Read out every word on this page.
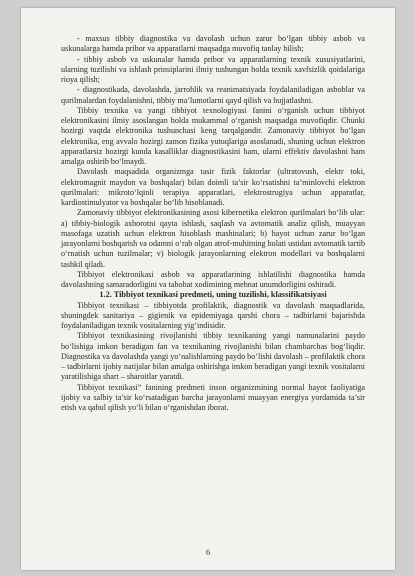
- maxsus tibbiy diagnostika va davolash uchun zarur bo‘lgan tibbiy asbob va uskunalarga hamda pribor va apparatlarni maqsadga muvofiq tanlay bilish;

- tibbiy asbob va uskunalar hamda pribor va apparatlarning texnik xususiyatlarini, ularning tuzilishi va ishlash prinsiplarini ilmiy tushungan holda texnik xavfsizlik qoidalariga rioya qilish;

- diagnostikada, davolashda, jarrohlik va reanimatsiyada foydalaniladigan asboblar va qurilmalardan foydalanishni, tibbiy ma’lumotlarni qayd qilish va hujjatlashni.

Tibbiy texnika va yangi tibbiyot texnologiyasi fanini o‘rganish uchun tibbiyot elektronikasini ilmiy asoslangan holda mukammal o‘rganish maqsadga muvofiqdir. Chunki hozirgi vaqtda elektronika tushunchasi keng tarqalgandir. Zamonaviy tibbiyot bo‘lgan elektronika, eng avvalo hozirgi zamon fizika yutuqlariga asoslanadi, shuning uchun elektron apparatlarsiz hozirgi kunda kasalliklar diagnostikasini ham, ularni effektiv davolashni ham amalga oshirib bo‘lmaydi.

Davolash maqsadida organizmga tasir fizik faktorlar (ultratovush, elektr toki, elektromagnit maydon va boshqalar) bilan doimli ta’sir ko‘rsatishni ta’minlovchi elektron qurilmalari: mikroto‘lqinli terapiya apparatlari, elektrostrugiya uchun apparatlar, kardiostimulyator va boshqalar bo‘lib hisoblanadi.

Zamonaviy tibbiyot elektronikasining asosi kibernetika elektron qurilmalari bo‘lib ular: a) tibbiy-biologik axborotni qayta ishlash, saqlash va avtomatik analiz qilish, muayyan masofaga uzatish uchun elektron hisoblash mashinalari; b) hayot uchun zarur bo‘lgan jarayonlarni boshqarish va odamni o‘rab olgan atrof-muhitning holati ustidan avtomatik tartib o‘rnatish uchun tuzilmalar; v) biologik jarayonlarning elektron modellari va boshqalarni tashkil qiladi.

Tibbiyot elektronikasi asbob va apparatlarining ishlatilishi diagnostika hamda davolashning samaradorligini va tabobat xodimining mehnat unumdorligini oshiradi.

1.2. Tibbiyot texnikasi predmeti, uning tuzilishi, klassifikatsiyasi

Tibbiyot texnikasi – tibbiyotda profilaktik, diagnostik va davolash maqsadlarida, shuningdek sanitariya – gigienik va epidemiyaga qarshi chora – tadbirlarni bajarishda foydalaniladigan texnik vositalarning yig‘indisidir.

Tibbiyot texnikasining rivojlanishi tibbiy texnikaning yangi namunalarini paydo bo‘lishiga imkon beradigan fan va texnikaning rivojlanishi bilan chambarchas bog‘liqdir. Diagnostika va davolashda yangi yo‘nalishlarning paydo bo‘lishi davolash – profilaktik chora – tadbirlarni ijobiy natijalar bilan amalga oshirishga imkon beradigan yangi texnik vositalarni yaratilishiga shart – sharoitlar yaratdi.

Tibbiyot texnikasi” fanining predmeti inson organizmining normal hayot faoliyatiga ijobiy va salbiy ta’sir ko‘rsatadigan barcha jarayonlarni muayyan energiya yordamida ta’sir etish va qabul qilish yo‘li bilan o‘rganishdan iborat.

6
